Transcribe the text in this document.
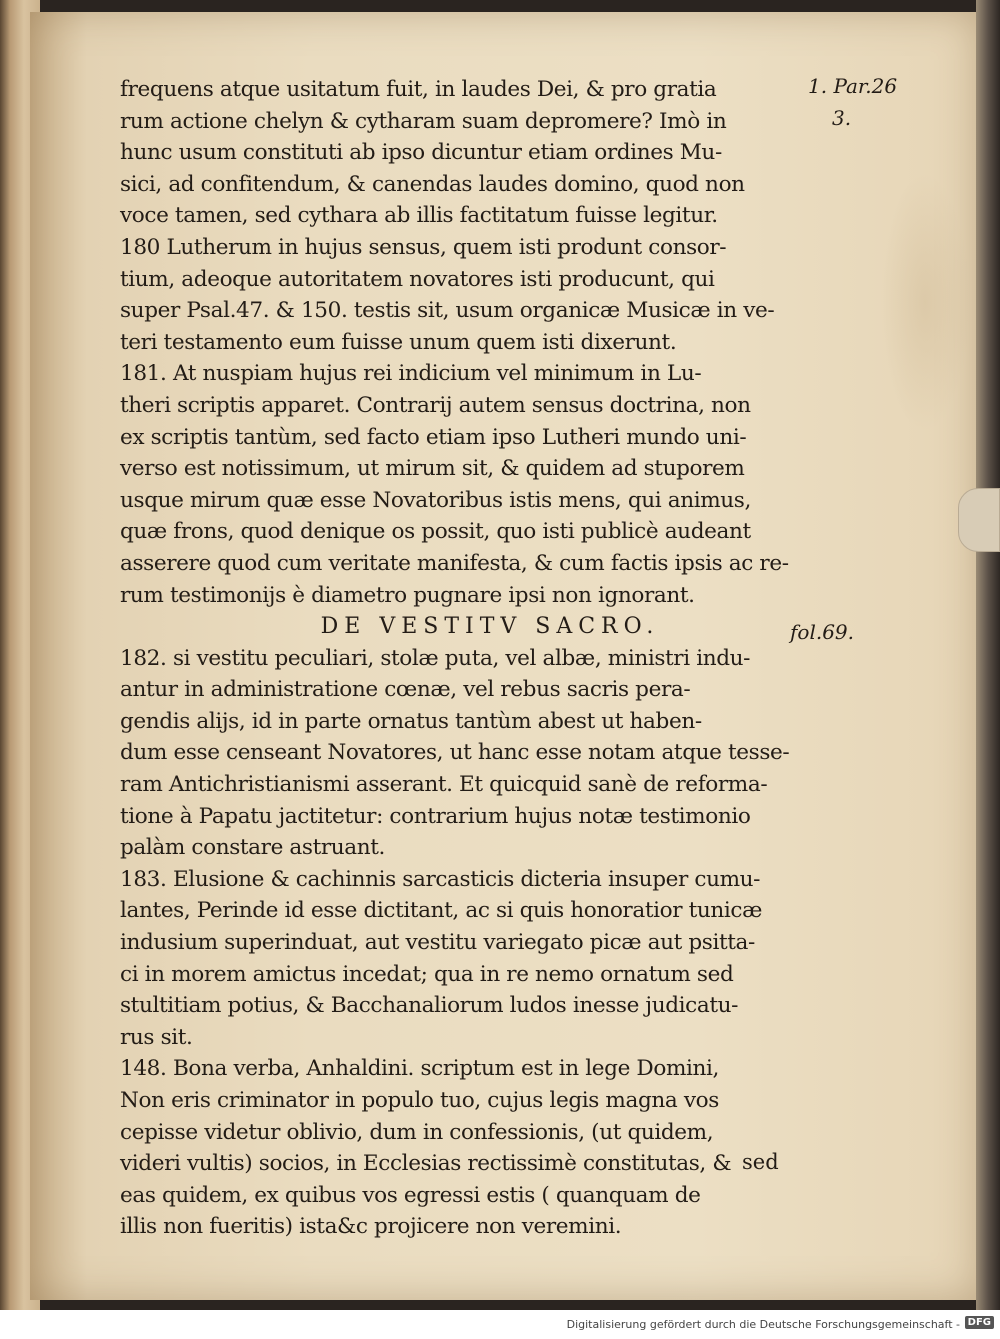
1. Par.26
3.
fol.69.
frequens atque usitatum fuit, in laudes Dei, & pro gratia
rum actione chelyn & cytharam suam depromere? Imò in
hunc usum constituti ab ipso dicuntur etiam ordines Mu-
sici, ad confitendum, & canendas laudes domino, quod non
voce tamen, sed cythara ab illis factitatum fuisse legitur.
180 Lutherum in hujus sensus, quem isti produnt consor-
tium, adeoque autoritatem novatores isti producunt, qui
super Psal.47. & 150. testis sit, usum organicæ Musicæ in ve-
teri testamento eum fuisse unum quem isti dixerunt.
181. At nuspiam hujus rei indicium vel minimum in Lu-
theri scriptis apparet. Contrarij autem sensus doctrina, non
ex scriptis tantùm, sed facto etiam ipso Lutheri mundo uni-
verso est notissimum, ut mirum sit, & quidem ad stuporem
usque mirum quæ esse Novatoribus istis mens, qui animus,
quæ frons, quod denique os possit, quo isti publicè audeant
asserere quod cum veritate manifesta, & cum factis ipsis ac re-
rum testimonijs è diametro pugnare ipsi non ignorant.
DE VESTITV SACRO.
182. si vestitu peculiari, stolæ puta, vel albæ, ministri indu-
antur in administratione cœnæ, vel rebus sacris pera-
gendis alijs, id in parte ornatus tantùm abest ut haben-
dum esse censeant Novatores, ut hanc esse notam atque tesse-
ram Antichristianismi asserant. Et quicquid sanè de reforma-
tione à Papatu jactitetur: contrarium hujus notæ testimonio
palàm constare astruant.
183. Elusione & cachinnis sarcasticis dicteria insuper cumu-
lantes, Perinde id esse dictitant, ac si quis honoratior tunicæ
indusium superinduat, aut vestitu variegato picæ aut psitta-
ci in morem amictus incedat; qua in re nemo ornatum sed
stultitiam potius, & Bacchanaliorum ludos inesse judicatu-
rus sit.
148. Bona verba, Anhaldini. scriptum est in lege Domini,
Non eris criminator in populo tuo, cujus legis magna vos
cepisse videtur oblivio, dum in confessionis, (ut quidem,
videri vultis) socios, in Ecclesias rectissimè constitutas, &
eas quidem, ex quibus vos egressi estis ( quanquam de
illis non fueritis) ista&c projicere non veremini.
sed
Digitalisierung gefördert durch die Deutsche Forschungsgemeinschaft - DFG
